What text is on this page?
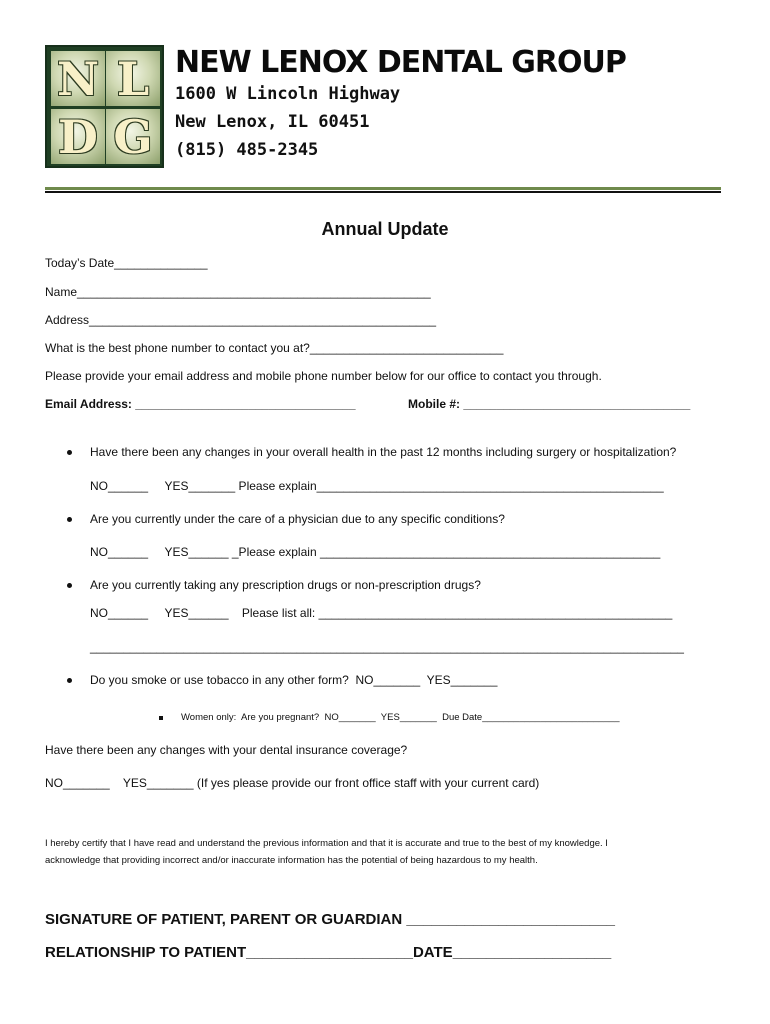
N L
D G
NEW LENOX DENTAL GROUP
1600 W Lincoln Highway
New Lenox, IL 60451
(815) 485-2345
Annual Update
Today’s Date______________
Name_____________________________________________________
Address____________________________________________________
What is the best phone number to contact you at?_____________________________
Please provide your email address and mobile phone number below for our office to contact you through.
Email Address: _________________________________	Mobile #: __________________________________
Have there been any changes in your overall health in the past 12 months including surgery or hospitalization?
NO______     YES_______ Please explain____________________________________________________
Are you currently under the care of a physician due to any specific conditions?
NO______     YES______ _Please explain ___________________________________________________
Are you currently taking any prescription drugs or non-prescription drugs?
NO______     YES______    Please list all: _____________________________________________________
_________________________________________________________________________________________
Do you smoke or use tobacco in any other form?  NO_______  YES_______
Women only:  Are you pregnant?  NO_______  YES_______  Due Date__________________________
Have there been any changes with your dental insurance coverage?
NO_______    YES_______ (If yes please provide our front office staff with your current card)
I hereby certify that I have read and understand the previous information and that it is accurate and true to the best of my knowledge. I
acknowledge that providing incorrect and/or inaccurate information has the potential of being hazardous to my health.
SIGNATURE OF PATIENT, PARENT OR GUARDIAN _________________________
RELATIONSHIP TO PATIENT____________________DATE___________________
